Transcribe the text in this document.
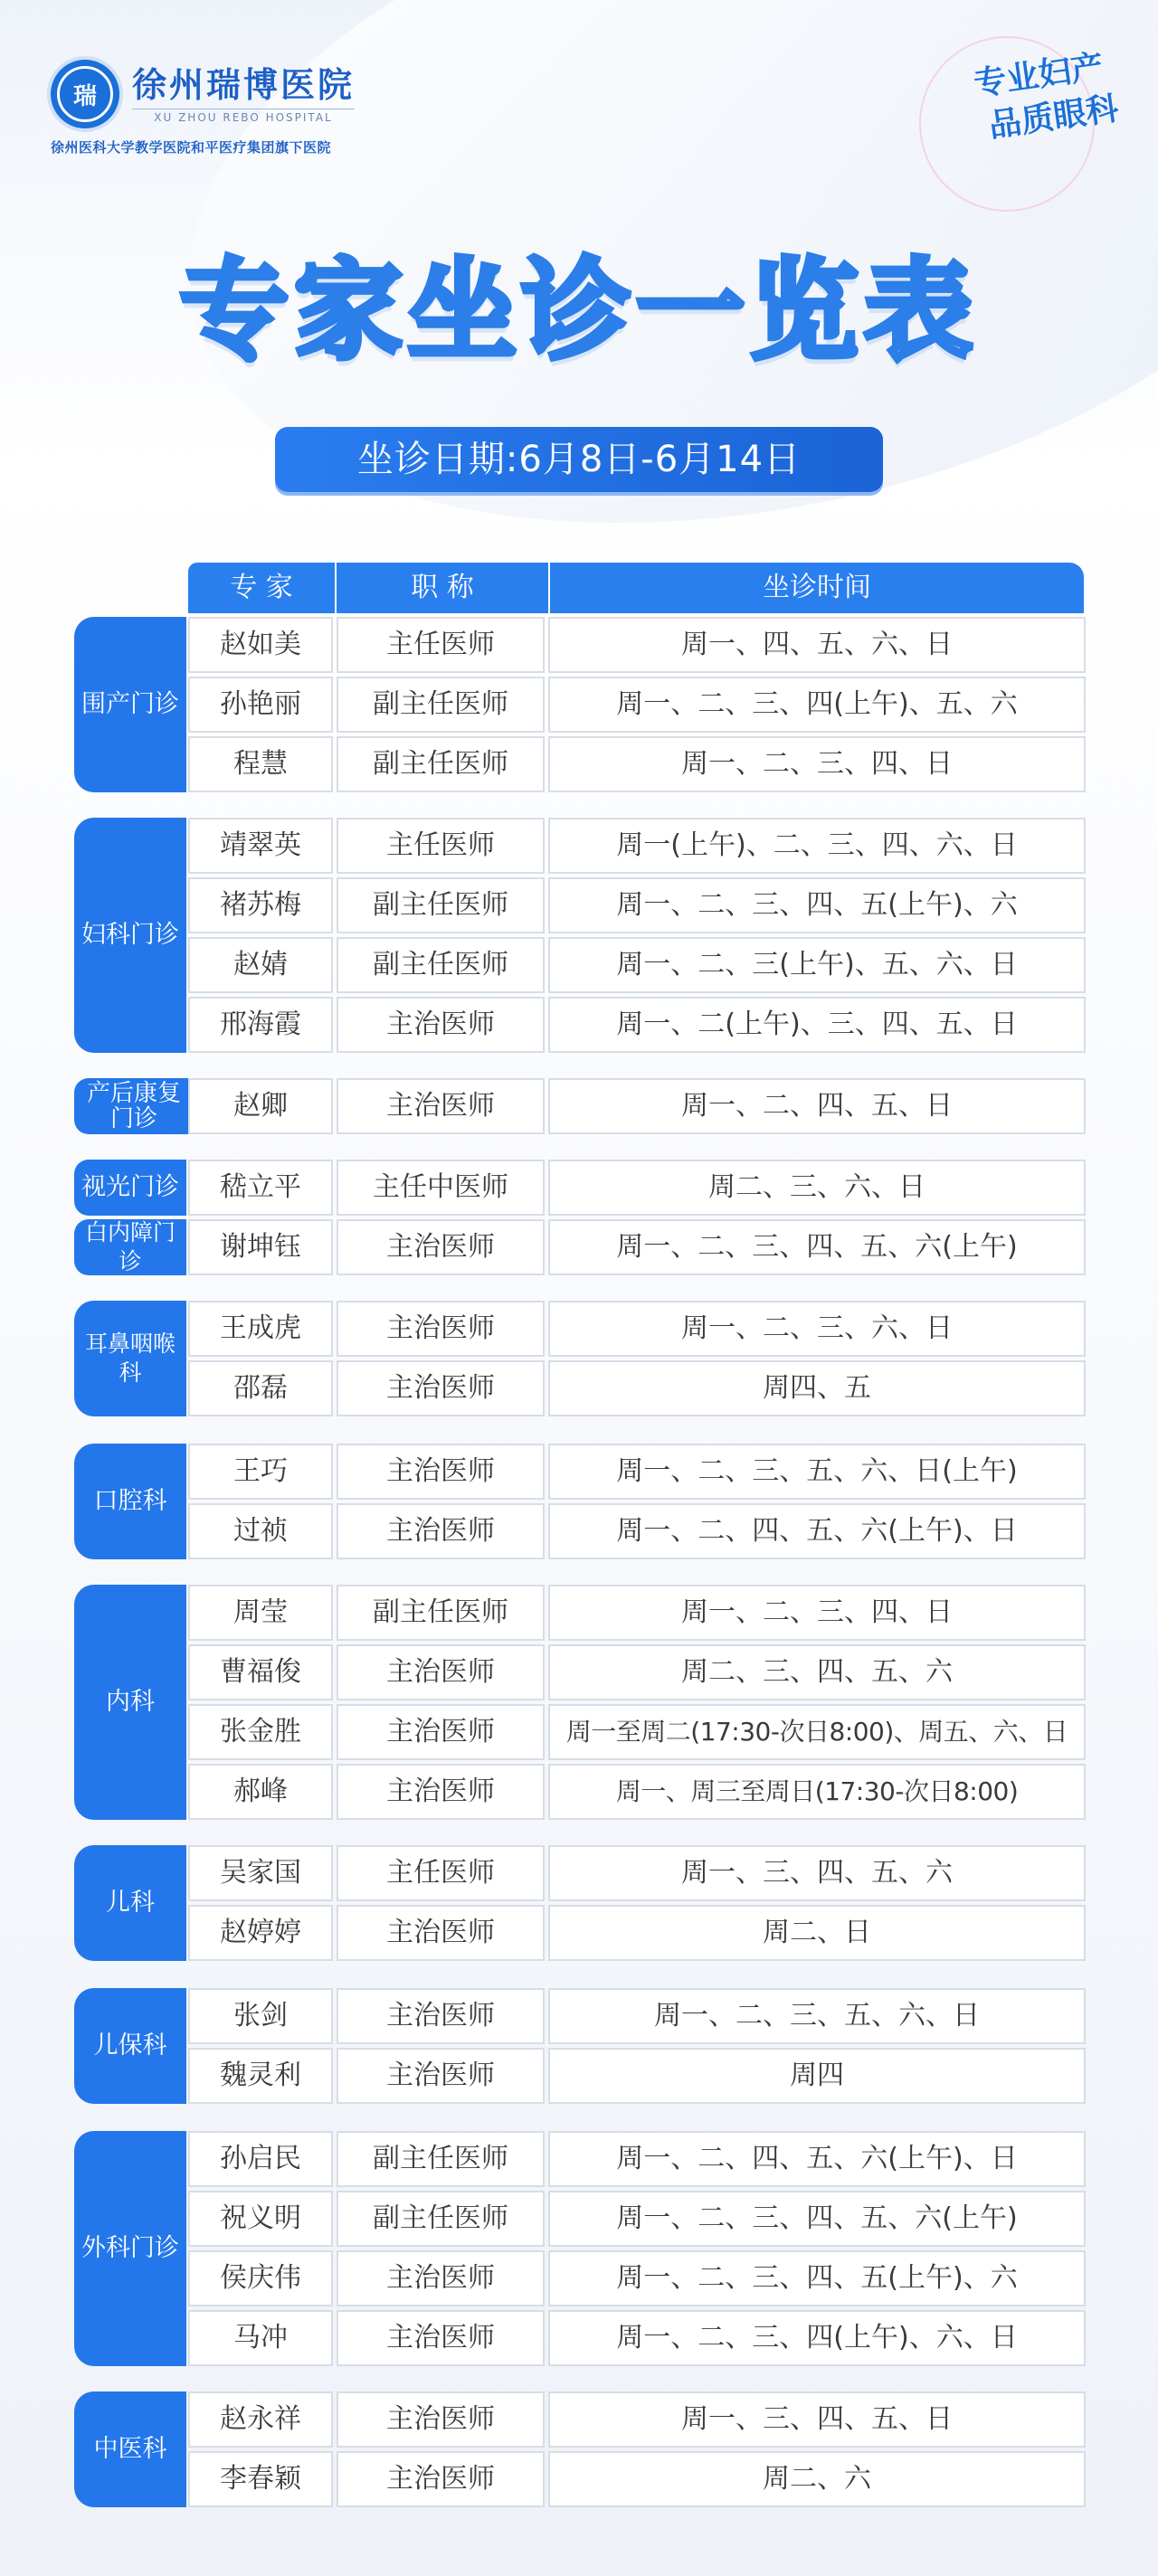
瑞	徐州瑞博医院
XU ZHOU REBO HOSPITAL
徐州医科大学教学医院和平医疗集团旗下医院
专业妇产
品质眼科
专家坐诊一览表
坐诊日期:6月8日-6月14日
专 家	职 称	坐诊时间
围产门诊
赵如美	主任医师	周一、四、五、六、日
孙艳丽	副主任医师	周一、二、三、四(上午)、五、六
程慧	副主任医师	周一、二、三、四、日
妇科门诊
靖翠英	主任医师	周一(上午)、二、三、四、六、日
褚苏梅	副主任医师	周一、二、三、四、五(上午)、六
赵婧	副主任医师	周一、二、三(上午)、五、六、日
邢海霞	主治医师	周一、二(上午)、三、四、五、日
产后康复门诊	赵卿	主治医师	周一、二、四、五、日
视光门诊	嵇立平	主任中医师	周二、三、六、日
白内障门诊	谢坤钰	主治医师	周一、二、三、四、五、六(上午)
耳鼻咽喉科
王成虎	主治医师	周一、二、三、六、日
邵磊	主治医师	周四、五
口腔科
王巧	主治医师	周一、二、三、五、六、日(上午)
过祯	主治医师	周一、二、四、五、六(上午)、日
内科
周莹	副主任医师	周一、二、三、四、日
曹福俊	主治医师	周二、三、四、五、六
张金胜	主治医师	周一至周二(17:30-次日8:00)、周五、六、日
郝峰	主治医师	周一、周三至周日(17:30-次日8:00)
儿科
吴家国	主任医师	周一、三、四、五、六
赵婷婷	主治医师	周二、日
儿保科
张剑	主治医师	周一、二、三、五、六、日
魏灵利	主治医师	周四
外科门诊
孙启民	副主任医师	周一、二、四、五、六(上午)、日
祝义明	副主任医师	周一、二、三、四、五、六(上午)
侯庆伟	主治医师	周一、二、三、四、五(上午)、六
马冲	主治医师	周一、二、三、四(上午)、六、日
中医科
赵永祥	主治医师	周一、三、四、五、日
李春颖	主治医师	周二、六
